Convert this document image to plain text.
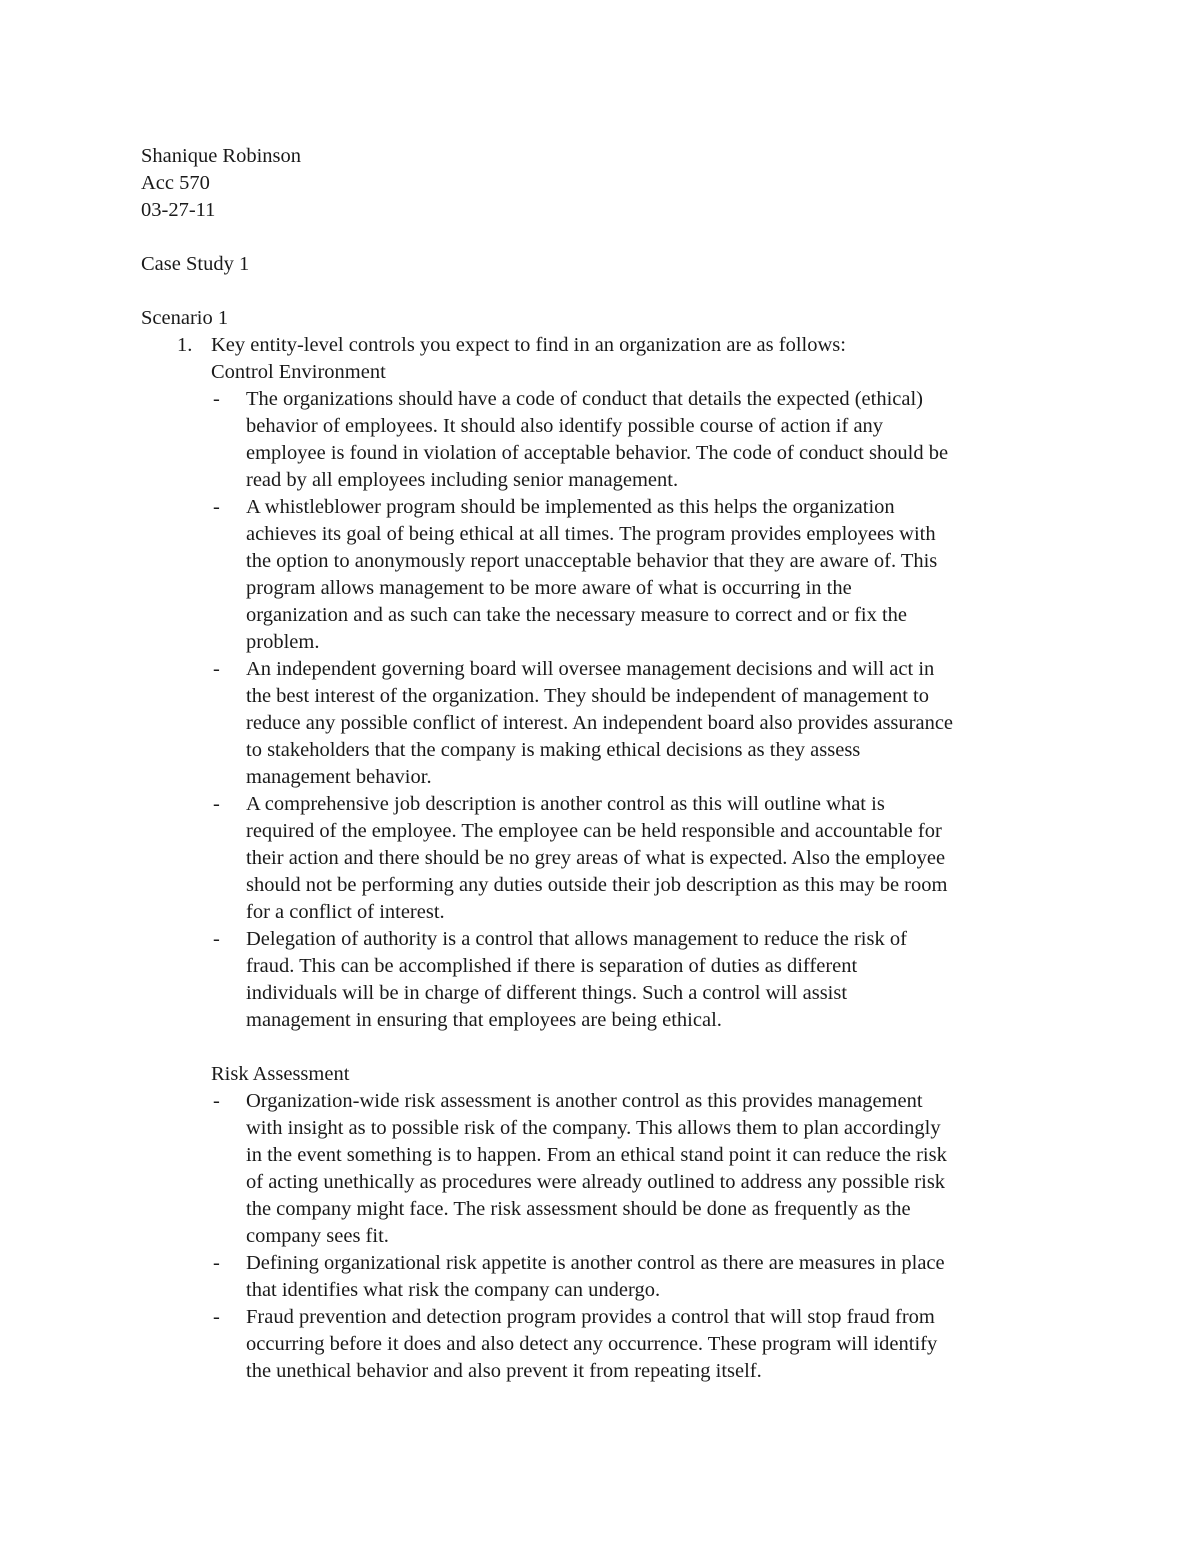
Shanique Robinson
Acc 570
03-27-11
Case Study 1
Scenario 1
1. Key entity-level controls you expect to find in an organization are as follows:
Control Environment
- The organizations should have a code of conduct that details the expected (ethical)
behavior of employees. It should also identify possible course of action if any
employee is found in violation of acceptable behavior. The code of conduct should be
read by all employees including senior management.
- A whistleblower program should be implemented as this helps the organization
achieves its goal of being ethical at all times. The program provides employees with
the option to anonymously report unacceptable behavior that they are aware of. This
program allows management to be more aware of what is occurring in the
organization and as such can take the necessary measure to correct and or fix the
problem.
- An independent governing board will oversee management decisions and will act in
the best interest of the organization. They should be independent of management to
reduce any possible conflict of interest. An independent board also provides assurance
to stakeholders that the company is making ethical decisions as they assess
management behavior.
- A comprehensive job description is another control as this will outline what is
required of the employee. The employee can be held responsible and accountable for
their action and there should be no grey areas of what is expected. Also the employee
should not be performing any duties outside their job description as this may be room
for a conflict of interest.
- Delegation of authority is a control that allows management to reduce the risk of
fraud. This can be accomplished if there is separation of duties as different
individuals will be in charge of different things. Such a control will assist
management in ensuring that employees are being ethical.
Risk Assessment
- Organization-wide risk assessment is another control as this provides management
with insight as to possible risk of the company. This allows them to plan accordingly
in the event something is to happen. From an ethical stand point it can reduce the risk
of acting unethically as procedures were already outlined to address any possible risk
the company might face. The risk assessment should be done as frequently as the
company sees fit.
- Defining organizational risk appetite is another control as there are measures in place
that identifies what risk the company can undergo.
- Fraud prevention and detection program provides a control that will stop fraud from
occurring before it does and also detect any occurrence. These program will identify
the unethical behavior and also prevent it from repeating itself.
